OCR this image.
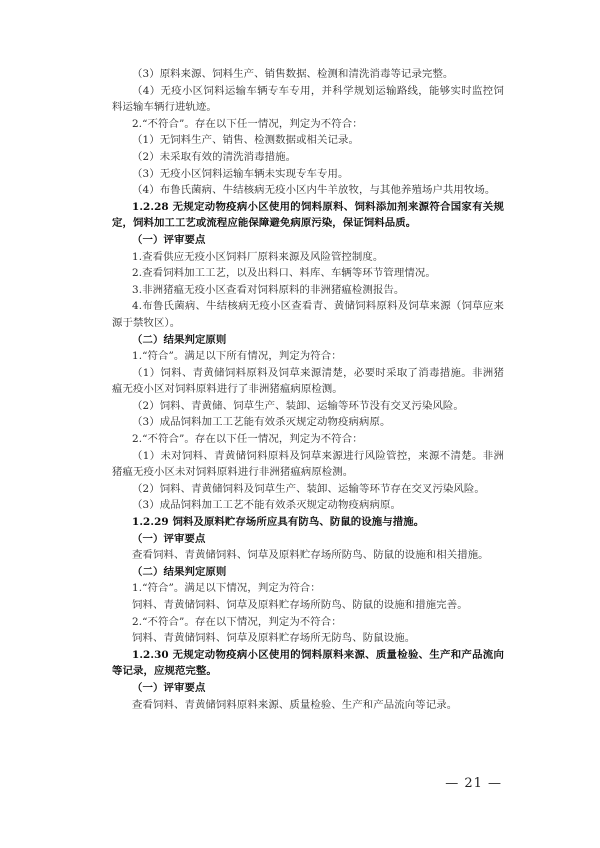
（3）原料来源、饲料生产、销售数据、检测和清洗消毒等记录完整。

（4）无疫小区饲料运输车辆专车专用，并科学规划运输路线，能够实时监控饲料运输车辆行进轨迹。

2.“不符合”。存在以下任一情况，判定为不符合：

（1）无饲料生产、销售、检测数据或相关记录。

（2）未采取有效的清洗消毒措施。

（3）无疫小区饲料运输车辆未实现专车专用。

（4）布鲁氏菌病、牛结核病无疫小区内牛羊放牧，与其他养殖场户共用牧场。

1.2.28 无规定动物疫病小区使用的饲料原料、饲料添加剂来源符合国家有关规定，饲料加工工艺或流程应能保障避免病原污染，保证饲料品质。

（一）评审要点

1.查看供应无疫小区饲料厂原料来源及风险管控制度。

2.查看饲料加工工艺，以及出料口、料库、车辆等环节管理情况。

3.非洲猪瘟无疫小区查看对饲料原料的非洲猪瘟检测报告。

4.布鲁氏菌病、牛结核病无疫小区查看青、黄储饲料原料及饲草来源（饲草应来源于禁牧区）。

（二）结果判定原则

1.“符合”。满足以下所有情况，判定为符合：

（1）饲料、青黄储饲料原料及饲草来源清楚，必要时采取了消毒措施。非洲猪瘟无疫小区对饲料原料进行了非洲猪瘟病原检测。

（2）饲料、青黄储、饲草生产、装卸、运输等环节没有交叉污染风险。

（3）成品饲料加工工艺能有效杀灭规定动物疫病病原。

2.“不符合”。存在以下任一情况，判定为不符合：

（1）未对饲料、青黄储饲料原料及饲草来源进行风险管控，来源不清楚。非洲猪瘟无疫小区未对饲料原料进行非洲猪瘟病原检测。

（2）饲料、青黄储饲料及饲草生产、装卸、运输等环节存在交叉污染风险。

（3）成品饲料加工工艺不能有效杀灭规定动物疫病病原。

1.2.29 饲料及原料贮存场所应具有防鸟、防鼠的设施与措施。

（一）评审要点

查看饲料、青黄储饲料、饲草及原料贮存场所防鸟、防鼠的设施和相关措施。

（二）结果判定原则

1.“符合”。满足以下情况，判定为符合：

饲料、青黄储饲料、饲草及原料贮存场所防鸟、防鼠的设施和措施完善。

2.“不符合”。存在以下情况，判定为不符合：

饲料、青黄储饲料、饲草及原料贮存场所无防鸟、防鼠设施。

1.2.30 无规定动物疫病小区使用的饲料原料来源、质量检验、生产和产品流向等记录，应规范完整。

（一）评审要点

查看饲料、青黄储饲料原料来源、质量检验、生产和产品流向等记录。

— 21 —
